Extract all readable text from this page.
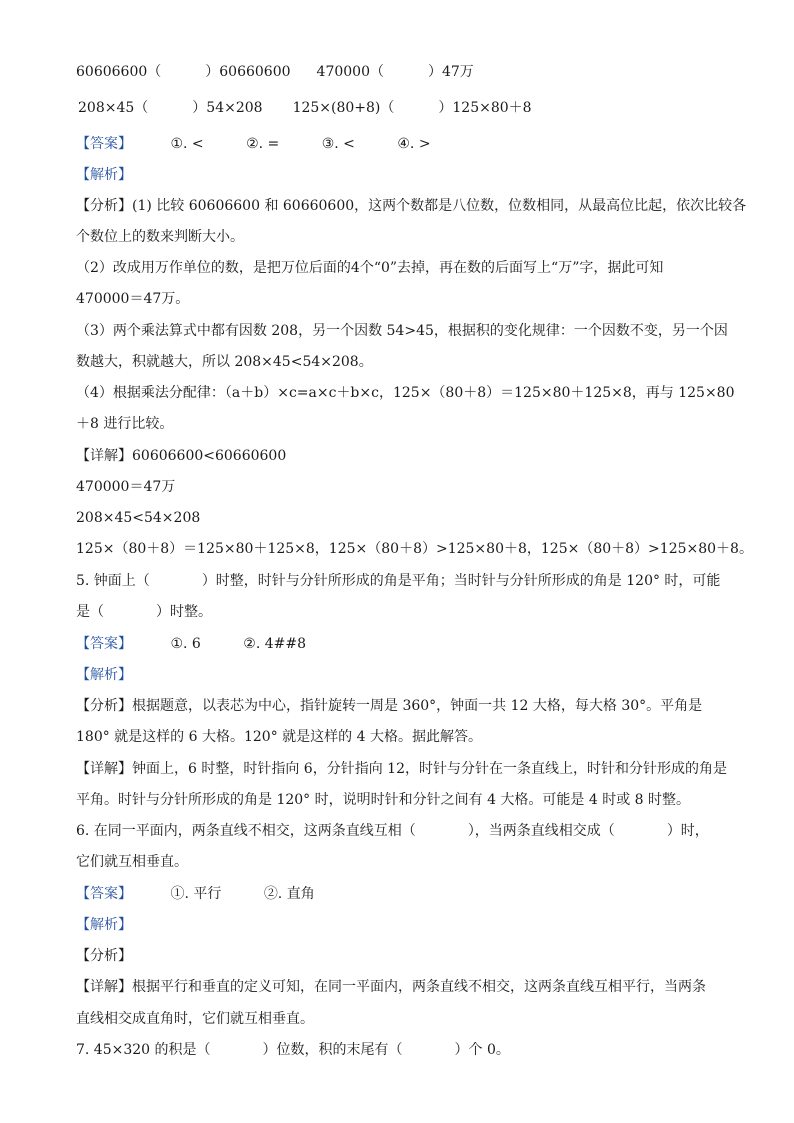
60606600（	）60660600 470000（	）47万
208×45（	）54×208 125×(80+8)（	）125×80＋8
【答案】	①. <	②. =	③. <	④. >
【解析】
【分析】(1) 比较 60606600 和 60660600，这两个数都是八位数，位数相同，从最高位比起，依次比较各
个数位上的数来判断大小。
（2）改成用万作单位的数，是把万位后面的4个“0”去掉，再在数的后面写上“万”字，据此可知
470000＝47万。
（3）两个乘法算式中都有因数 208，另一个因数 54>45，根据积的变化规律：一个因数不变，另一个因
数越大，积就越大，所以 208×45<54×208。
（4）根据乘法分配律：（a＋b）×c=a×c＋b×c，125×（80＋8）＝125×80＋125×8，再与 125×80
＋8 进行比较。
【详解】60606600<60660600
470000＝47万
208×45<54×208
125×（80＋8）＝125×80＋125×8，125×（80＋8）>125×80＋8，125×（80＋8）>125×80＋8。
5. 钟面上（	）时整，时针与分针所形成的角是平角；当时针与分针所形成的角是 120° 时，可能
是（	）时整。
【答案】	①. 6	②. 4##8
【解析】
【分析】根据题意，以表芯为中心，指针旋转一周是 360°，钟面一共 12 大格，每大格 30°。平角是
180° 就是这样的 6 大格。120° 就是这样的 4 大格。据此解答。
【详解】钟面上，6 时整，时针指向 6，分针指向 12，时针与分针在一条直线上，时针和分针形成的角是
平角。时针与分针所形成的角是 120° 时，说明时针和分针之间有 4 大格。可能是 4 时或 8 时整。
6. 在同一平面内，两条直线不相交，这两条直线互相（	），当两条直线相交成（	）时，
它们就互相垂直。
【答案】	①. 平行	②. 直角
【解析】
【分析】
【详解】根据平行和垂直的定义可知，在同一平面内，两条直线不相交，这两条直线互相平行，当两条
直线相交成直角时，它们就互相垂直。
7. 45×320 的积是（	）位数，积的末尾有（	）个 0。
